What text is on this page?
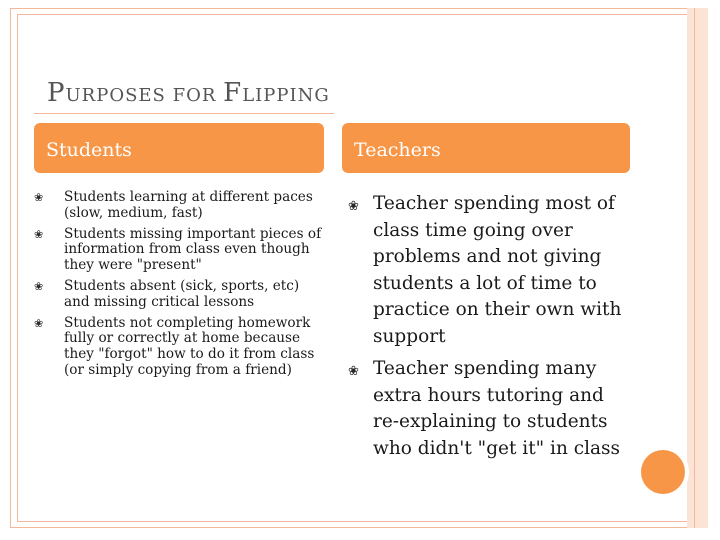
PURPOSES FOR FLIPPING
Students	Teachers
❀ Students learning at different paces (slow, medium, fast)
❀ Students missing important pieces of information from class even though they were "present"
❀ Students absent (sick, sports, etc) and missing critical lessons
❀ Students not completing homework fully or correctly at home because they "forgot" how to do it from class (or simply copying from a friend)
❀ Teacher spending most of class time going over problems and not giving students a lot of time to practice on their own with support
❀ Teacher spending many extra hours tutoring and re-explaining to students who didn't "get it" in class
